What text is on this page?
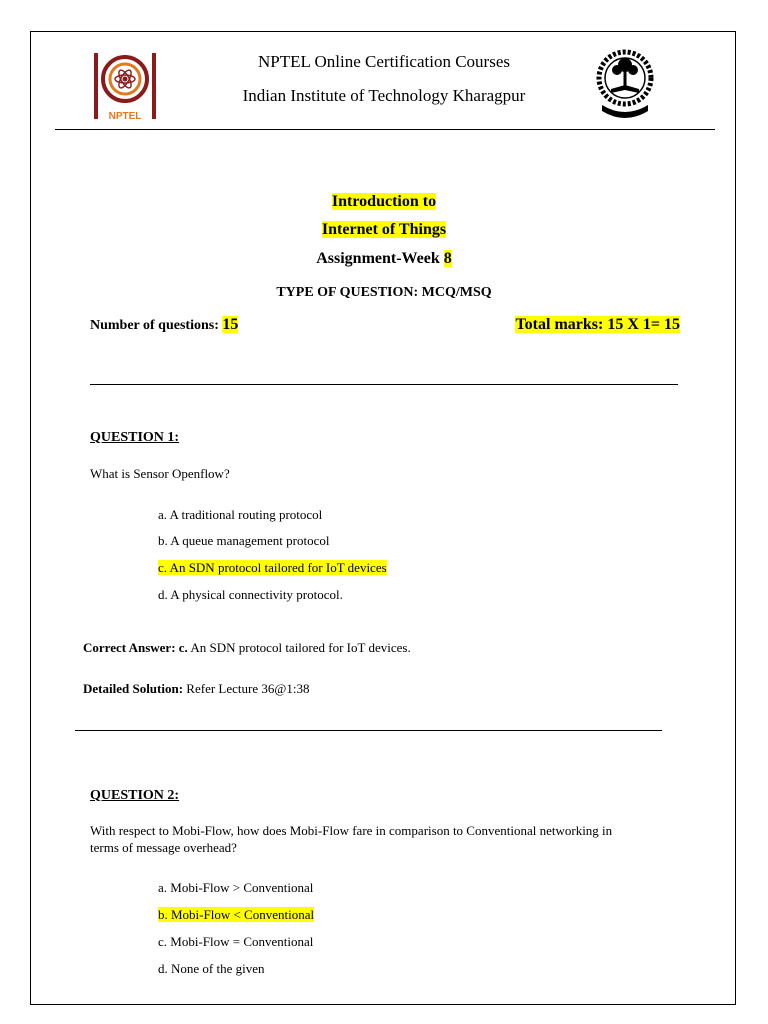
NPTEL
NPTEL Online Certification Courses
Indian Institute of Technology Kharagpur
Introduction to
Internet of Things
Assignment-Week 8
TYPE OF QUESTION: MCQ/MSQ
Number of questions: 15	Total marks: 15 X 1= 15
QUESTION 1:
What is Sensor Openflow?
a. A traditional routing protocol
b. A queue management protocol
c. An SDN protocol tailored for IoT devices
d. A physical connectivity protocol.
Correct Answer: c. An SDN protocol tailored for IoT devices.
Detailed Solution: Refer Lecture 36@1:38
QUESTION 2:
With respect to Mobi-Flow, how does Mobi-Flow fare in comparison to Conventional networking in
terms of message overhead?
a. Mobi-Flow > Conventional
b. Mobi-Flow < Conventional
c. Mobi-Flow = Conventional
d. None of the given
